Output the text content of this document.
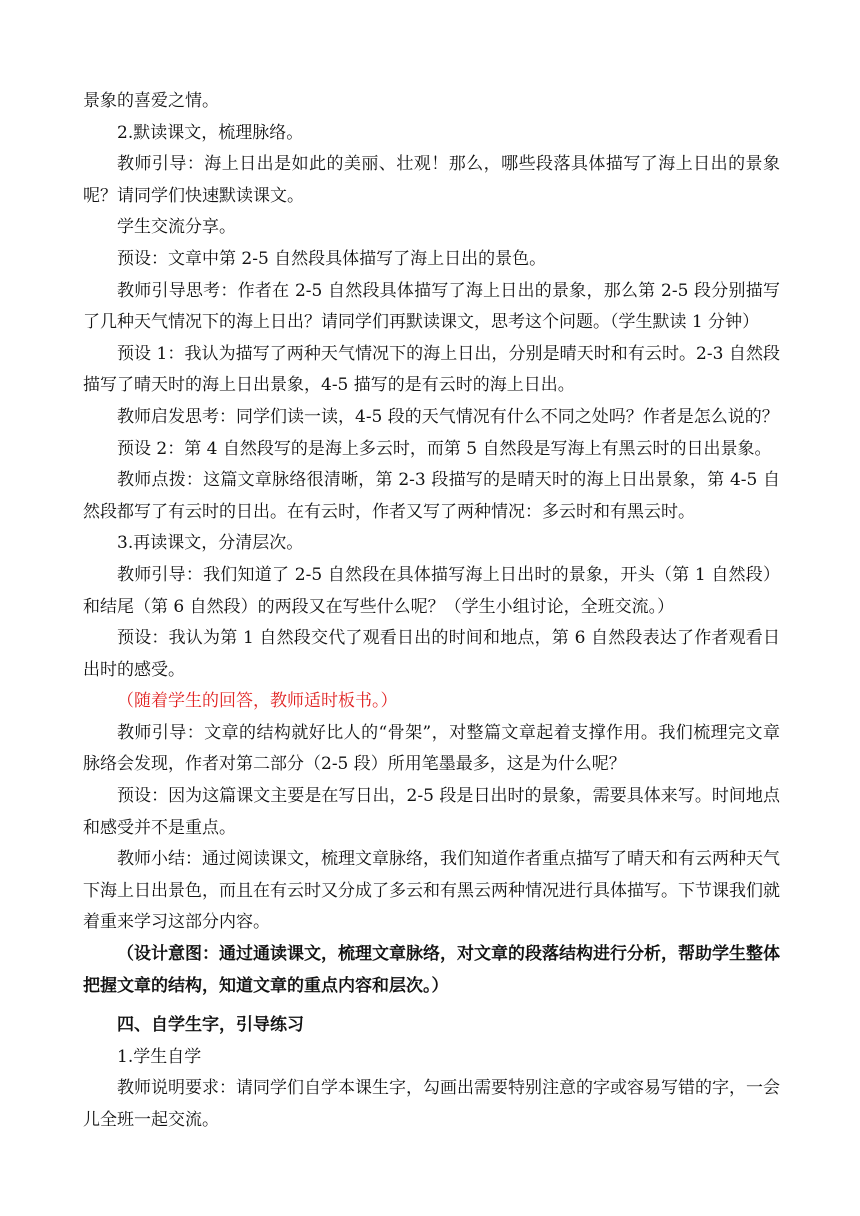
景象的喜爱之情。

2.默读课文，梳理脉络。

教师引导：海上日出是如此的美丽、壮观！那么，哪些段落具体描写了海上日出的景象呢？请同学们快速默读课文。

学生交流分享。

预设：文章中第 2-5 自然段具体描写了海上日出的景色。

教师引导思考：作者在 2-5 自然段具体描写了海上日出的景象，那么第 2-5 段分别描写了几种天气情况下的海上日出？请同学们再默读课文，思考这个问题。（学生默读 1 分钟）

预设 1：我认为描写了两种天气情况下的海上日出，分别是晴天时和有云时。2-3 自然段描写了晴天时的海上日出景象，4-5 描写的是有云时的海上日出。

教师启发思考：同学们读一读，4-5 段的天气情况有什么不同之处吗？作者是怎么说的？

预设 2：第 4 自然段写的是海上多云时，而第 5 自然段是写海上有黑云时的日出景象。

教师点拨：这篇文章脉络很清晰，第 2-3 段描写的是晴天时的海上日出景象，第 4-5 自然段都写了有云时的日出。在有云时，作者又写了两种情况：多云时和有黑云时。

3.再读课文，分清层次。

教师引导：我们知道了 2-5 自然段在具体描写海上日出时的景象，开头（第 1 自然段）和结尾（第 6 自然段）的两段又在写些什么呢？（学生小组讨论，全班交流。）

预设：我认为第 1 自然段交代了观看日出的时间和地点，第 6 自然段表达了作者观看日出时的感受。

（随着学生的回答，教师适时板书。）

教师引导：文章的结构就好比人的“骨架”，对整篇文章起着支撑作用。我们梳理完文章脉络会发现，作者对第二部分（2-5 段）所用笔墨最多，这是为什么呢？

预设：因为这篇课文主要是在写日出，2-5 段是日出时的景象，需要具体来写。时间地点和感受并不是重点。

教师小结：通过阅读课文，梳理文章脉络，我们知道作者重点描写了晴天和有云两种天气下海上日出景色，而且在有云时又分成了多云和有黑云两种情况进行具体描写。下节课我们就着重来学习这部分内容。

（设计意图：通过通读课文，梳理文章脉络，对文章的段落结构进行分析，帮助学生整体把握文章的结构，知道文章的重点内容和层次。）

四、自学生字，引导练习

1.学生自学

教师说明要求：请同学们自学本课生字，勾画出需要特别注意的字或容易写错的字，一会儿全班一起交流。
